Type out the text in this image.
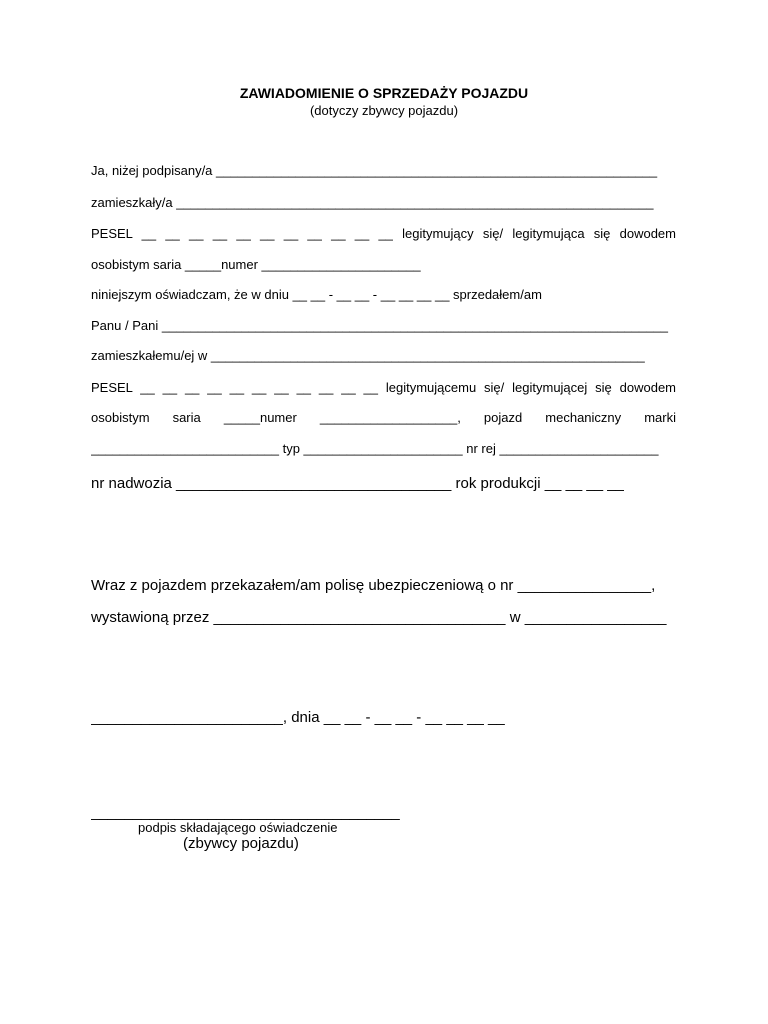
ZAWIADOMIENIE O SPRZEDAŻY POJAZDU
(dotyczy zbywcy pojazdu)
Ja, niżej podpisany/a _____________________________________________________________
zamieszkały/a __________________________________________________________________
PESEL __ __ __ __ __ __ __ __ __ __ __ legitymujący się/ legitymująca się dowodem
osobistym saria _____numer ______________________
niniejszym oświadczam, że w dniu __ __ - __ __ - __ __ __ __ sprzedałem/am
Panu / Pani ______________________________________________________________________
zamieszkałemu/ej w ____________________________________________________________
PESEL __ __ __ __ __ __ __ __ __ __ __ legitymującemu się/ legitymującej się dowodem
osobistym saria _____numer ___________________, pojazd mechaniczny marki
__________________________ typ ______________________ nr rej ______________________
nr nadwozia _________________________________ rok produkcji __ __ __ __
Wraz z pojazdem przekazałem/am polisę ubezpieczeniową o nr ________________,
wystawioną przez ___________________________________ w _________________
_______________________, dnia __ __ - __ __ - __ __ __ __
_____________________________________
podpis składającego oświadczenie
(zbywcy pojazdu)
